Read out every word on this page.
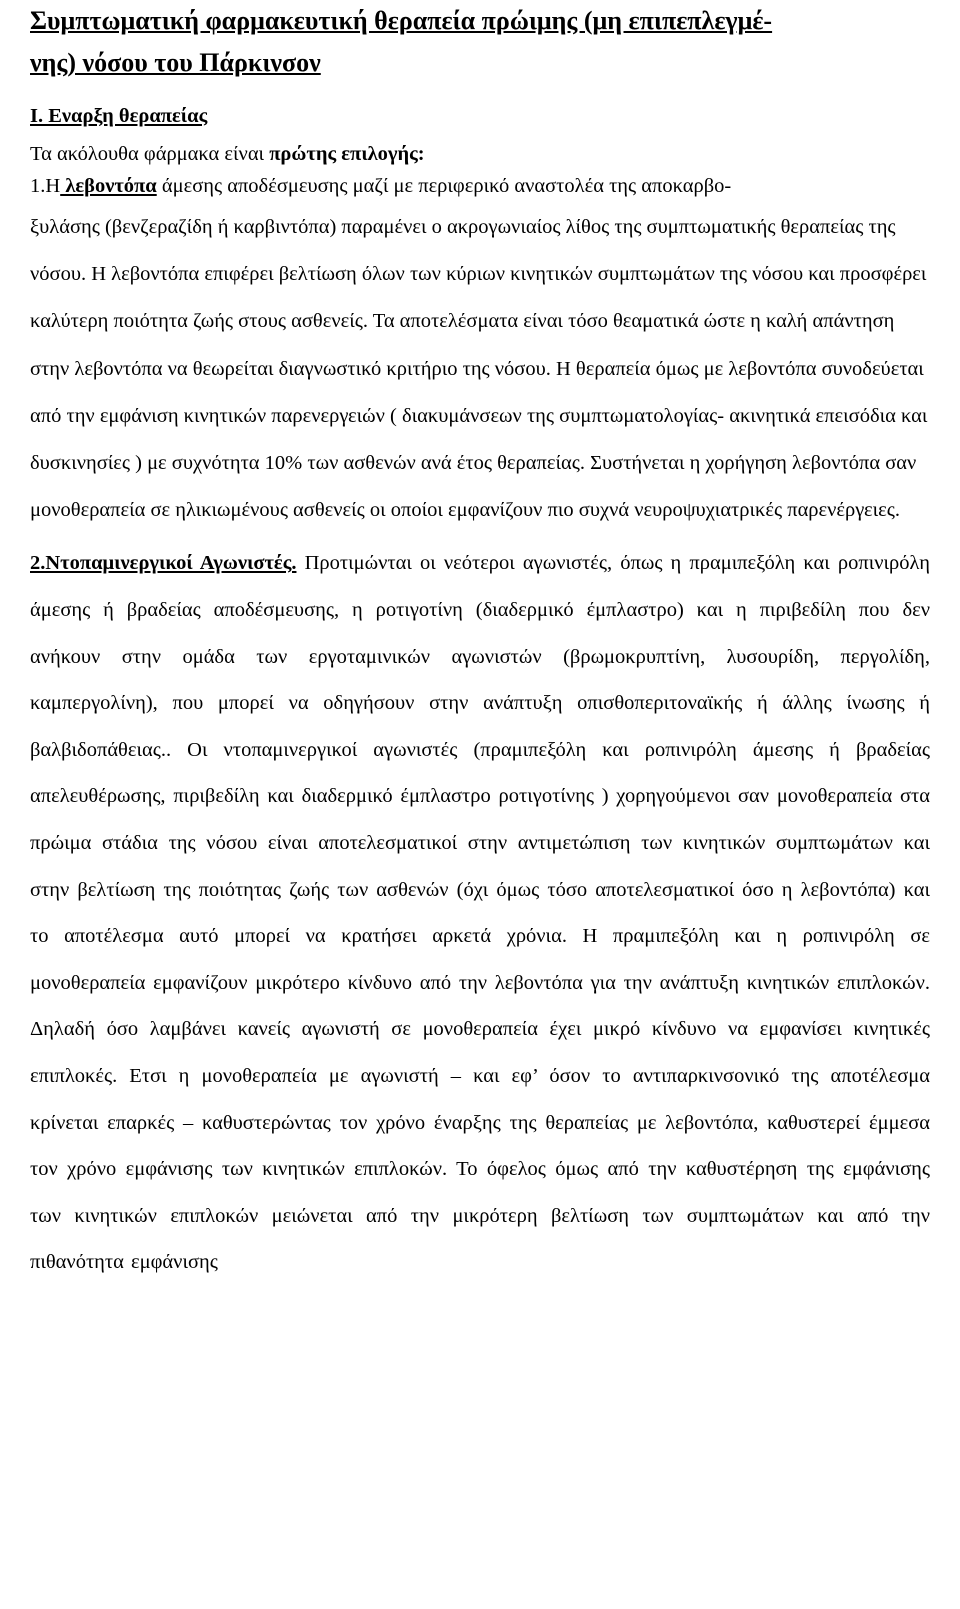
Συμπτωματική φαρμακευτική θεραπεία πρώιμης (μη επιπεπλεγμέ-
νης) νόσου του Πάρκινσον
Ι. Εναρξη θεραπείας
Τα ακόλουθα φάρμακα είναι πρώτης επιλογής:
1.Η λεβοντόπα άμεσης αποδέσμευσης μαζί με περιφερικό αναστολέα της αποκαρβο-
ξυλάσης (βενζεραζίδη ή καρβιντόπα) παραμένει ο ακρογωνιαίος λίθος της συμπτωματικής θεραπείας της νόσου. Η λεβοντόπα επιφέρει βελτίωση όλων των κύριων κινητικών συμπτωμάτων της νόσου και προσφέρει καλύτερη ποιότητα ζωής στους ασθενείς. Τα αποτελέσματα είναι τόσο θεαματικά ώστε η καλή απάντηση στην λεβοντόπα να θεωρείται διαγνωστικό κριτήριο της νόσου. Η θεραπεία όμως με λεβοντόπα συνοδεύεται από την εμφάνιση κινητικών παρενεργειών ( διακυμάνσεων της συμπτωματολογίας- ακινητικά επεισόδια και δυσκινησίες ) με συχνότητα 10% των ασθενών ανά έτος θεραπείας. Συστήνεται η χορήγηση λεβοντόπα σαν μονοθεραπεία σε ηλικιωμένους ασθενείς οι οποίοι εμφανίζουν πιο συχνά νευροψυχιατρικές παρενέργειες.
2.Ντοπαμινεργικοί Αγωνιστές. Προτιμώνται οι νεότεροι αγωνιστές, όπως η πραμιπεξόλη και ροπινιρόλη άμεσης ή βραδείας αποδέσμευσης, η ροτιγοτίνη (διαδερμικό έμπλαστρο) και η πιριβεδίλη που δεν ανήκουν στην ομάδα των εργοταμινικών αγωνιστών (βρωμοκρυπτίνη, λυσουρίδη, περγολίδη, καμπεργολίνη), που μπορεί να οδηγήσουν στην ανάπτυξη οπισθοπεριτοναϊκής ή άλλης ίνωσης ή βαλβιδοπάθειας.. Οι ντοπαμινεργικοί αγωνιστές (πραμιπεξόλη και ροπινιρόλη άμεσης ή βραδείας απελευθέρωσης, πιριβεδίλη και διαδερμικό έμπλαστρο ροτιγοτίνης ) χορηγούμενοι σαν μονοθεραπεία στα πρώιμα στάδια της νόσου είναι αποτελεσματικοί στην αντιμετώπιση των κινητικών συμπτωμάτων και στην βελτίωση της ποιότητας ζωής των ασθενών (όχι όμως τόσο αποτελεσματικοί όσο η λεβοντόπα) και το αποτέλεσμα αυτό μπορεί να κρατήσει αρκετά χρόνια. Η πραμιπεξόλη και η ροπινιρόλη σε μονοθεραπεία εμφανίζουν μικρότερο κίνδυνο από την λεβοντόπα για την ανάπτυξη κινητικών επιπλοκών. Δηλαδή όσο λαμβάνει κανείς αγωνιστή σε μονοθεραπεία έχει μικρό κίνδυνο να εμφανίσει κινητικές επιπλοκές. Ετσι η μονοθεραπεία με αγωνιστή – και εφ’ όσον το αντιπαρκινσονικό της αποτέλεσμα κρίνεται επαρκές – καθυστερώντας τον χρόνο έναρξης της θεραπείας με λεβοντόπα, καθυστερεί έμμεσα τον χρόνο εμφάνισης των κινητικών επιπλοκών. Το όφελος όμως από την καθυστέρηση της εμφάνισης των κινητικών επιπλοκών μειώνεται από την μικρότερη βελτίωση των συμπτωμάτων και από την πιθανότητα εμφάνισης
